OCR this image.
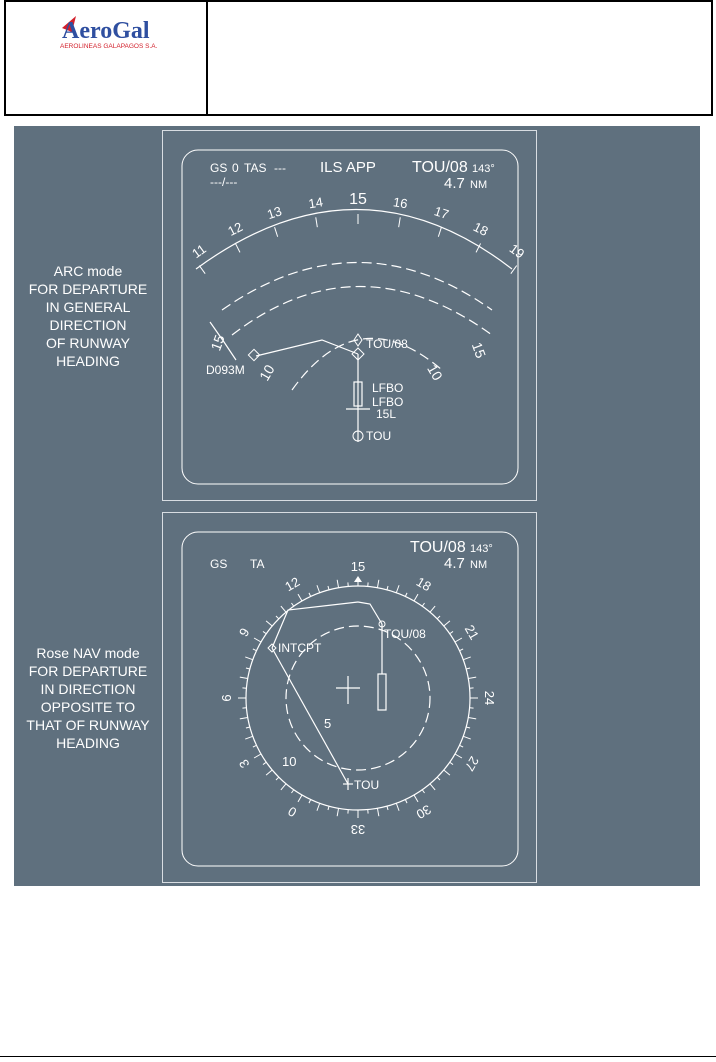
AeroGal
AEROLINEAS GALAPAGOS S.A.
ARC mode
FOR DEPARTURE
IN GENERAL
DIRECTION
OF RUNWAY
HEADING
Rose NAV mode
FOR DEPARTURE
IN DIRECTION
OPPOSITE TO
THAT OF RUNWAY
HEADING
GS 0 TAS ---
---/---
ILS APP TOU/08 143°
4.7 NM
11
12
13
14 15 16
17
18
19
15
10	10
15
D093M
TOU/08
LFBO
LFBO
15L
TOU
GS TA
TOU/08 143°
4.7 NM
15
18
21
24
27
30
33
0
3
6
9
12
10
5
INTCPT
TOU/08
TOU
